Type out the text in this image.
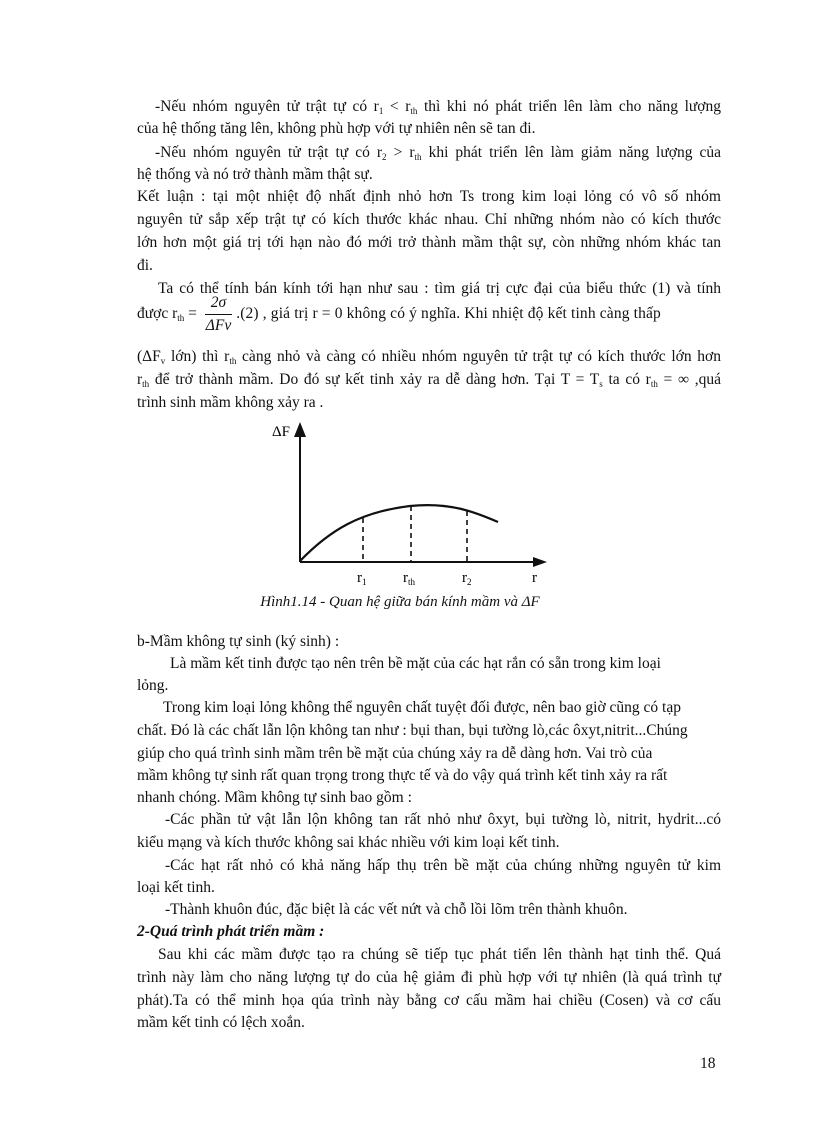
-Nếu nhóm nguyên tử trật tự có $r_1 < r_{th}$ thì khi nó phát triển lên làm cho năng lượng
của hệ thống tăng lên, không phù hợp với tự nhiên nên sẽ tan đi.
-Nếu nhóm nguyên tử trật tự có $r_2 > r_{th}$ khi phát triển lên làm giảm năng lượng của
hệ thống và nó trở thành mầm thật sự.
Kết luận : tại một nhiệt độ nhất định nhỏ hơn Ts trong kim loại lỏng có vô số nhóm
nguyên tử sắp xếp trật tự có kích thước khác nhau. Chỉ những nhóm nào có kích thước
lớn hơn một giá trị tới hạn nào đó mới trở thành mầm thật sự, còn những nhóm khác tan
đi.
Ta có thể tính bán kính tới hạn như sau : tìm giá trị cực đại của biểu thức (1) và tính
được $r_{th} = \frac{2\sigma}{\text{ΔFv}} .(2)$ , giá trị r = 0 không có ý nghĩa. Khi nhiệt độ kết tinh càng thấp
($\Delta F_v$ lớn) thì $r_{th}$ càng nhỏ và càng có nhiều nhóm nguyên tử trật tự có kích thước lớn hơn
$r_{th}$ để trở thành mầm. Do đó sự kết tinh xảy ra dễ dàng hơn. Tại $T = T_s$ ta có $r_{th}$ = ∞ ,quá
trình sinh mầm không xảy ra .
ΔF
r
$r_1$ $r_{th}$	$r_2$
Hình1.14 - Quan hệ giữa bán kính mầm và ΔF
b-Mầm không tự sinh (ký sinh) :
Là mầm kết tinh được tạo nên trên bề mặt của các hạt rắn có sẵn trong kim loại
lỏng.
Trong kim loại lỏng không thể nguyên chất tuyệt đối được, nên bao giờ cũng có tạp
chất. Đó là các chất lẫn lộn không tan như : bụi than, bụi tường lò,các ôxyt,nitrit...Chúng
giúp cho quá trình sinh mầm trên bề mặt của chúng xảy ra dễ dàng hơn. Vai trò của
mầm không tự sinh rất quan trọng trong thực tế và do vậy quá trình kết tinh xảy ra rất
nhanh chóng. Mầm không tự sinh bao gồm :
-Các phần tử vật lẫn lộn không tan rất nhỏ như ôxyt, bụi tường lò, nitrit, hydrit...có
kiểu mạng và kích thước không sai khác nhiều với kim loại kết tinh.
-Các hạt rất nhỏ có khả năng hấp thụ trên bề mặt của chúng những nguyên tử kim
loại kết tinh.
-Thành khuôn đúc, đặc biệt là các vết nứt và chỗ lồi lõm trên thành khuôn.
2-Quá trình phát triển mầm :
Sau khi các mầm được tạo ra chúng sẽ tiếp tục phát tiển lên thành hạt tinh thể. Quá
trình này làm cho năng lượng tự do của hệ giảm đi phù hợp với tự nhiên (là quá trình tự
phát).Ta có thể minh họa qúa trình này bằng cơ cấu mầm hai chiều (Cosen) và cơ cấu
mầm kết tinh có lệch xoắn.
18
